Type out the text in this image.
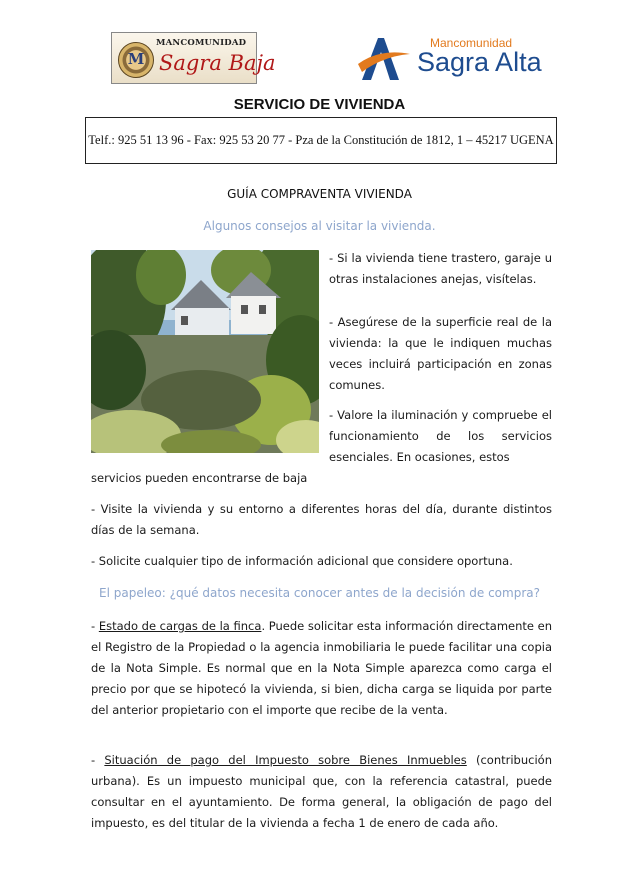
M
MANCOMUNIDAD
Sagra Baja
Mancomunidad
Sagra Alta
SERVICIO DE VIVIENDA
Telf.: 925 51 13 96 - Fax: 925 53 20 77 - Pza de la Constitución de 1812, 1 – 45217 UGENA
GUÍA COMPRAVENTA VIVIENDA
Algunos consejos al visitar la vivienda.
- Si la vivienda tiene trastero, garaje u otras instalaciones anejas, visítelas.
- Asegúrese de la superficie real de la vivienda: la que le indiquen muchas veces incluirá participación en zonas comunes.
- Valore la iluminación y compruebe el funcionamiento de los servicios esenciales. En ocasiones, estos
servicios pueden encontrarse de baja
- Visite la vivienda y su entorno a diferentes horas del día, durante distintos días de la semana.
- Solicite cualquier tipo de información adicional que considere oportuna.
El papeleo: ¿qué datos necesita conocer antes de la decisión de compra?
- Estado de cargas de la finca. Puede solicitar esta información directamente en el Registro de la Propiedad o la agencia inmobiliaria le puede facilitar una copia de la Nota Simple. Es normal que en la Nota Simple aparezca como carga el precio por que se hipotecó la vivienda, si bien, dicha carga se liquida por parte del anterior propietario con el importe que recibe de la venta.
- Situación de pago del Impuesto sobre Bienes Inmuebles (contribución urbana). Es un impuesto municipal que, con la referencia catastral, puede consultar en el ayuntamiento. De forma general, la obligación de pago del impuesto, es del titular de la vivienda a fecha 1 de enero de cada año.
